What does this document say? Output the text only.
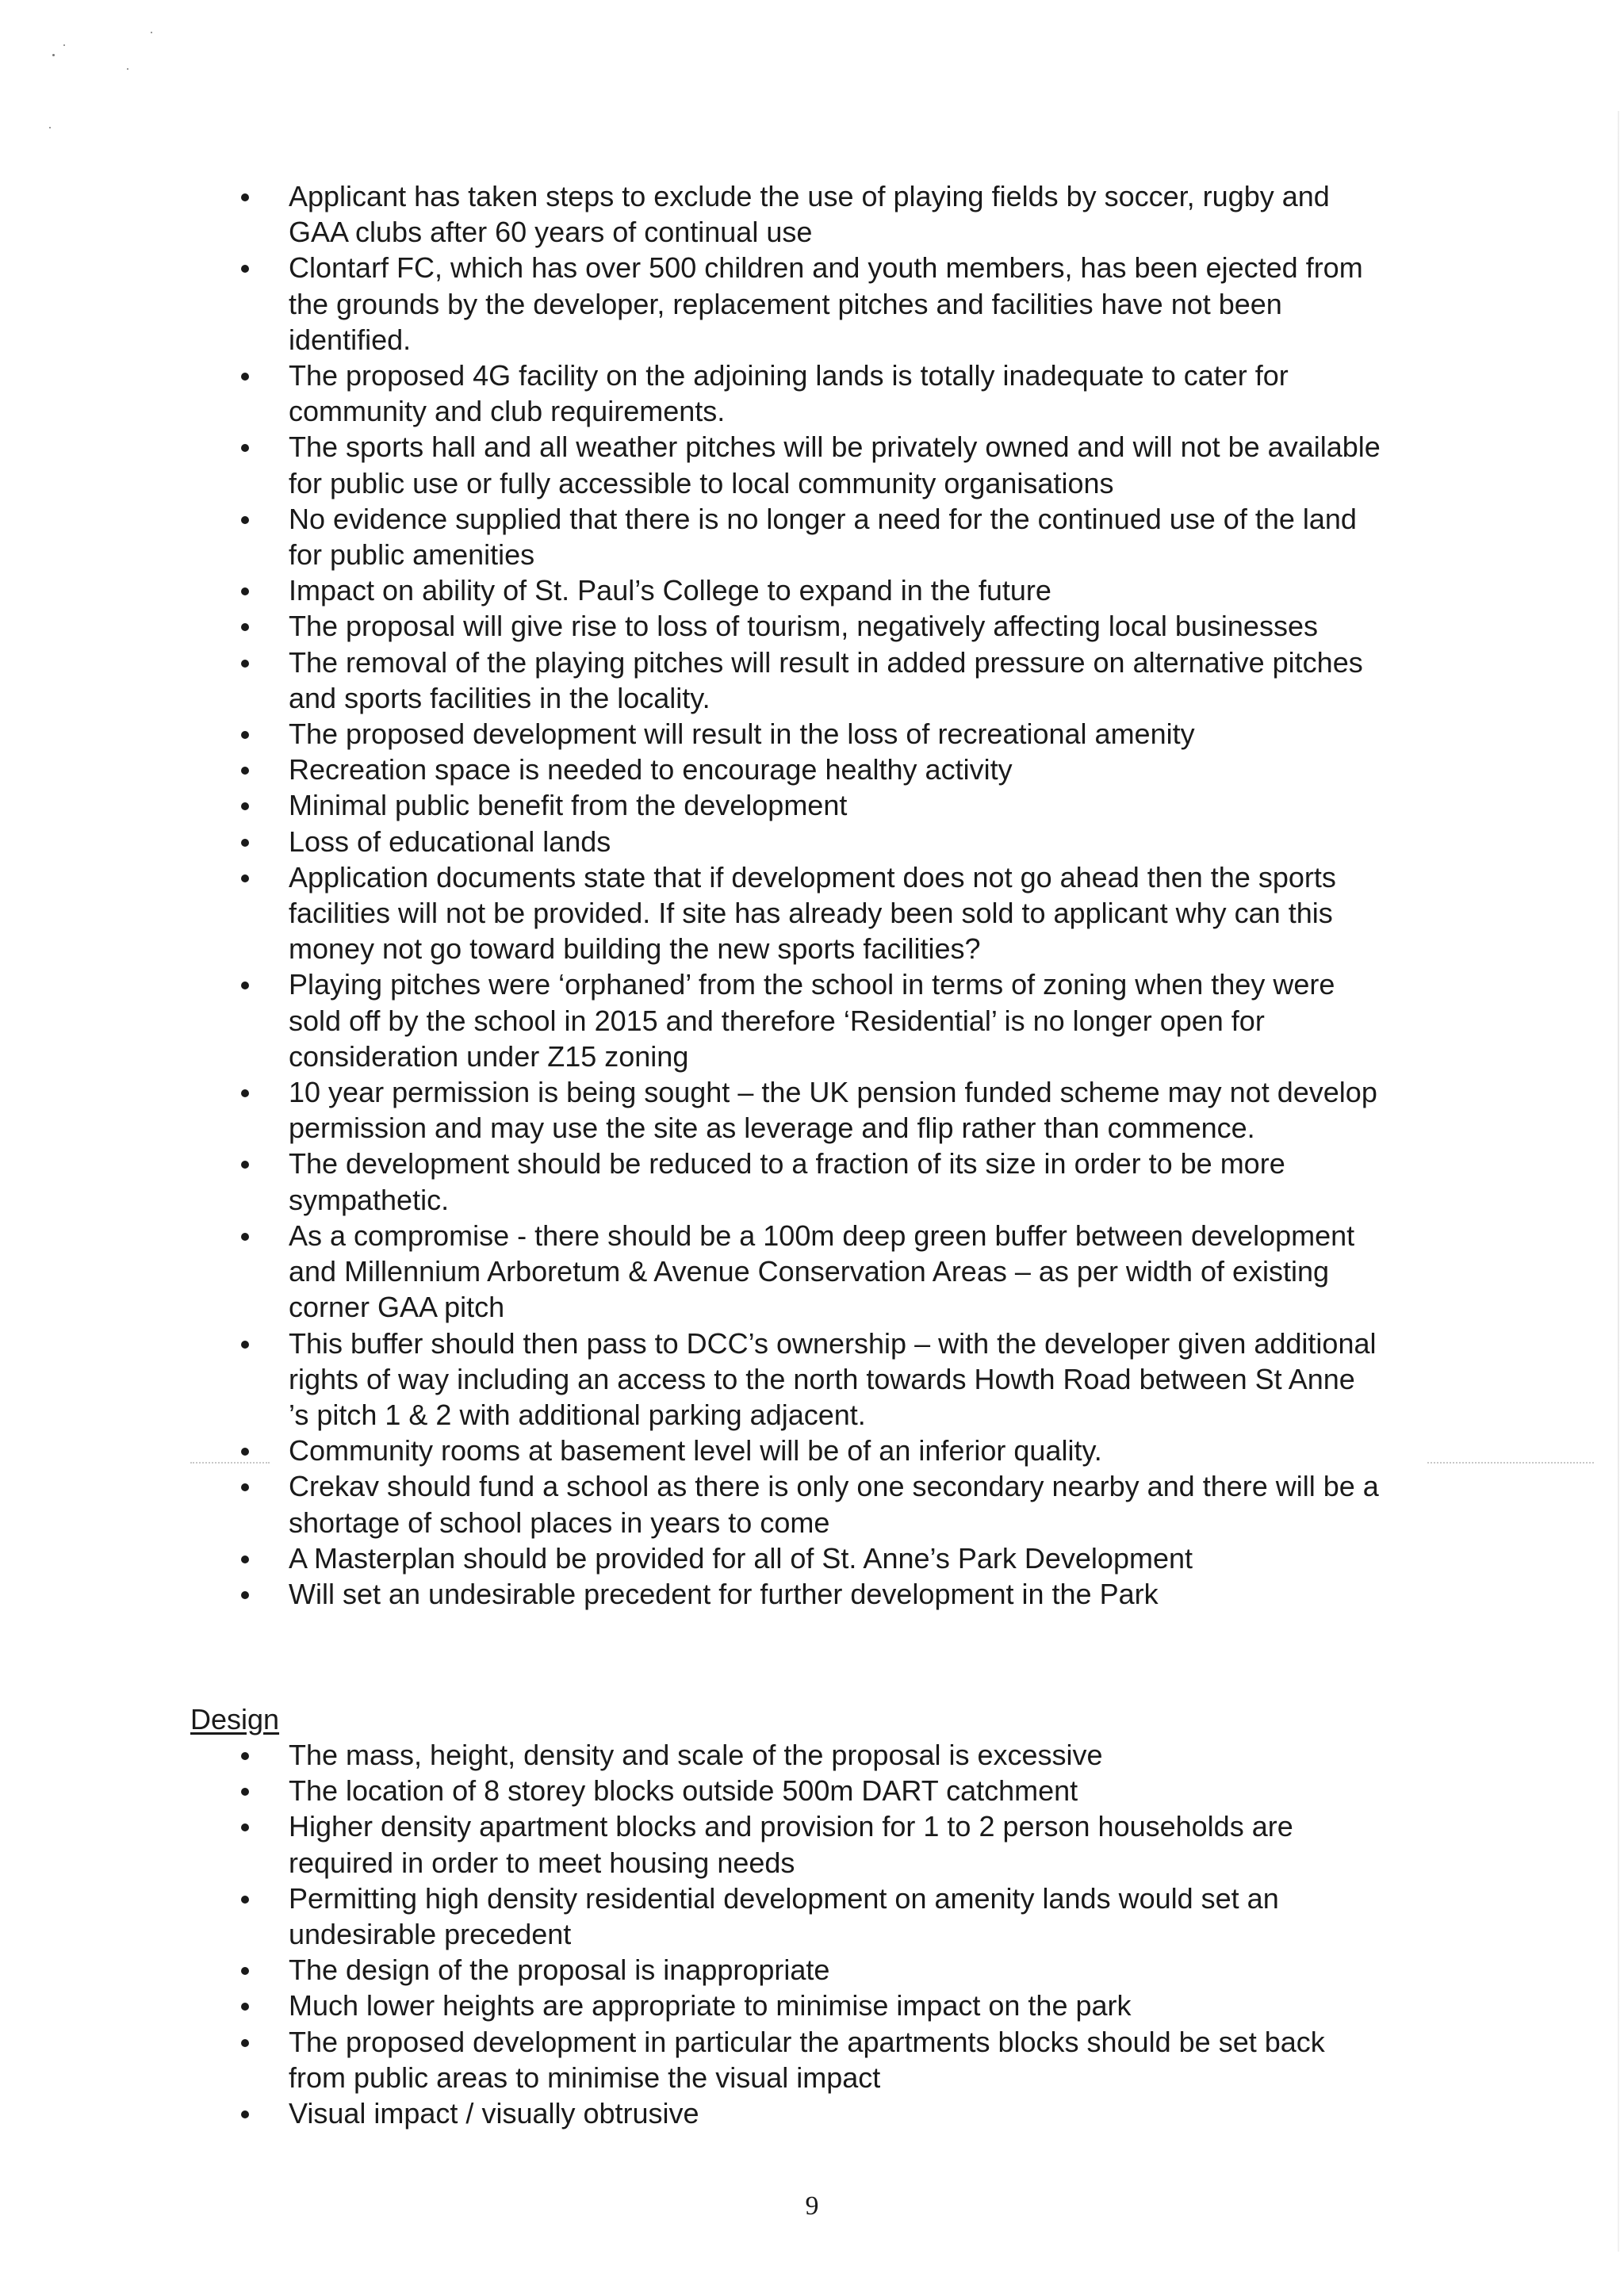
Applicant has taken steps to exclude the use of playing fields by soccer, rugby and GAA clubs after 60 years of continual use
Clontarf FC, which has over 500 children and youth members, has been ejected from the grounds by the developer, replacement pitches and facilities have not been identified.
The proposed 4G facility on the adjoining lands is totally inadequate to cater for community and club requirements.
The sports hall and all weather pitches will be privately owned and will not be available for public use or fully accessible to local community organisations
No evidence supplied that there is no longer a need for the continued use of the land for public amenities
Impact on ability of St. Paul’s College to expand in the future
The proposal will give rise to loss of tourism, negatively affecting local businesses
The removal of the playing pitches will result in added pressure on alternative pitches and sports facilities in the locality.
The proposed development will result in the loss of recreational amenity
Recreation space is needed to encourage healthy activity
Minimal public benefit from the development
Loss of educational lands
Application documents state that if development does not go ahead then the sports facilities will not be provided. If site has already been sold to applicant why can this money not go toward building the new sports facilities?
Playing pitches were ‘orphaned’ from the school in terms of zoning when they were sold off by the school in 2015 and therefore ‘Residential’ is no longer open for consideration under Z15 zoning
10 year permission is being sought – the UK pension funded scheme may not develop permission and may use the site as leverage and flip rather than commence.
The development should be reduced to a fraction of its size in order to be more sympathetic.
As a compromise - there should be a 100m deep green buffer between development and Millennium Arboretum & Avenue Conservation Areas – as per width of existing corner GAA pitch
This buffer should then pass to DCC’s ownership – with the developer given additional rights of way including an access to the north towards Howth Road between St Anne ’s pitch 1 & 2 with additional parking adjacent.
Community rooms at basement level will be of an inferior quality.
Crekav should fund a school as there is only one secondary nearby and there will be a shortage of school places in years to come
A Masterplan should be provided for all of St. Anne’s Park Development
Will set an undesirable precedent for further development in the Park
Design
The mass, height, density and scale of the proposal is excessive
The location of 8 storey blocks outside 500m DART catchment
Higher density apartment blocks and provision for 1 to 2 person households are required in order to meet housing needs
Permitting high density residential development on amenity lands would set an undesirable precedent
The design of the proposal is inappropriate
Much lower heights are appropriate to minimise impact on the park
The proposed development in particular the apartments blocks should be set back from public areas to minimise the visual impact
Visual impact / visually obtrusive
9
